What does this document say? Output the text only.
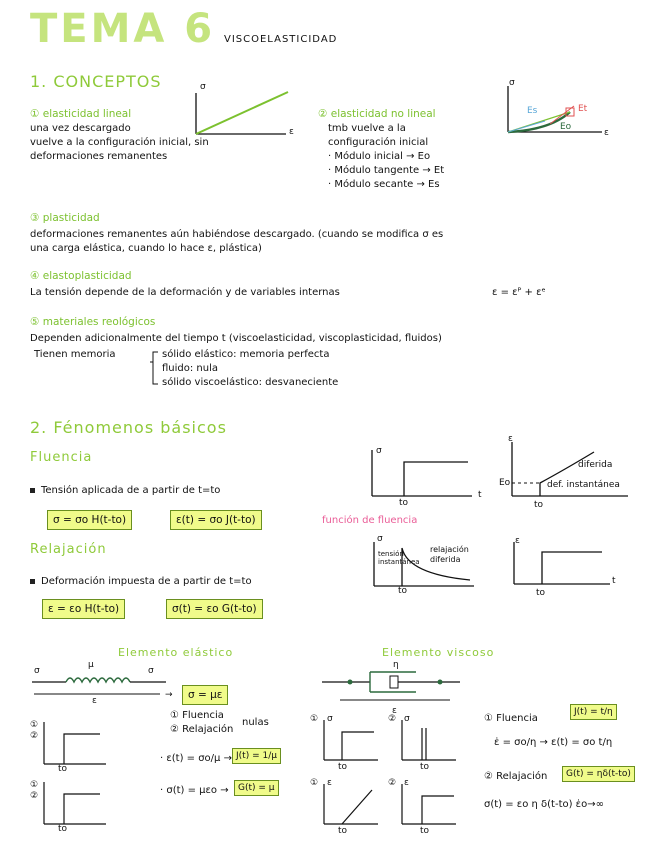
TEMA 6 VISCOELASTICIDAD
1. CONCEPTOS
① elasticidad lineal
una vez descargado
vuelve a la configuración inicial, sin
deformaciones remanentes
σ
ε
② elasticidad no lineal
tmb vuelve a la
configuración inicial
· Módulo inicial → Eo
· Módulo tangente → Et
· Módulo secante → Es
σ
ε
Es	Et
Eo
③ plasticidad
deformaciones remanentes aún habiéndose descargado. (cuando se modifica σ es
una carga elástica, cuando lo hace ε, plástica)
④ elastoplasticidad
La tensión depende de la deformación y de variables internas	ε = εᴾ + εᵉ
⑤ materiales reológicos
Dependen adicionalmente del tiempo t (viscoelasticidad, viscoplasticidad, fluidos)
Tienen memoria	sólido elástico: memoria perfecta
fluido: nula
sólido viscoelástico: desvaneciente
2. Fénomenos básicos
Fluencia
Tensión aplicada de a partir de t=to
σ = σo H(t-to)	ε(t) = σo J(t-to)	función de fluencia
σ
t
to
ε
Eo
diferida
def. instantánea
to
Relajación
Deformación impuesta de a partir de t=to
ε = εo H(t-to)	σ(t) = εo G(t-to)
σ
tensión instantánea
relajación diferida
to
ε
t
to
Elemento elástico
σ
μ
σ
ε
→	σ = με
① Fluencia
② Relajación
nulas
· ε(t) = σo/μ → J(t) = 1/μ
· σ(t) = μεo →	G(t) = μ
①
②
to
①
②
to
Elemento viscoso
η
ε
① Fluencia
J(t) = t/η
ε̇ = σo/η → ε(t) = σo t/η
② Relajación	G(t) = ηδ(t-to)
σ(t) = εo η δ(t-to) ε̇o→∞
① σ
to
② σ
to
① ε
to
② ε
to
